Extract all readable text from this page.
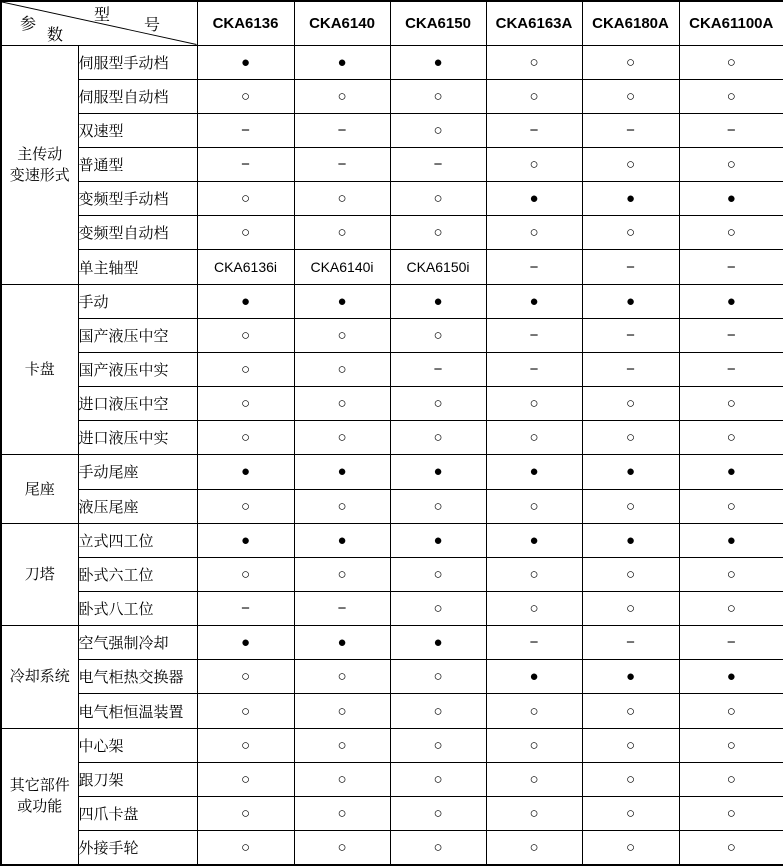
型
号
参
数		CKA6136	CKA6140	CKA6150	CKA6163A	CKA6180A	CKA61100A

主传动
变速形式	伺服型手动档	●	●	●	○	○	○
	伺服型自动档	○	○	○	○	○	○
	双速型	−	−	○	−	−	−
	普通型	−	−	−	○	○	○
	变频型手动档	○	○	○	●	●	●
	变频型自动档	○	○	○	○	○	○
	单主轴型	CKA6136i	CKA6140i	CKA6150i	−	−	−

卡盘	手动	●	●	●	●	●	●
	国产液压中空	○	○	○	−	−	−
	国产液压中实	○	○	−	−	−	−
	进口液压中空	○	○	○	○	○	○
	进口液压中实	○	○	○	○	○	○

尾座	手动尾座	●	●	●	●	●	●
	液压尾座	○	○	○	○	○	○

刀塔	立式四工位	●	●	●	●	●	●
	卧式六工位	○	○	○	○	○	○
	卧式八工位	−	−	○	○	○	○

冷却系统	空气强制冷却	●	●	●	−	−	−
	电气柜热交换器	○	○	○	●	●	●
	电气柜恒温装置	○	○	○	○	○	○

其它部件
或功能	中心架	○	○	○	○	○	○
	跟刀架	○	○	○	○	○	○
	四爪卡盘	○	○	○	○	○	○
	外接手轮	○	○	○	○	○	○
